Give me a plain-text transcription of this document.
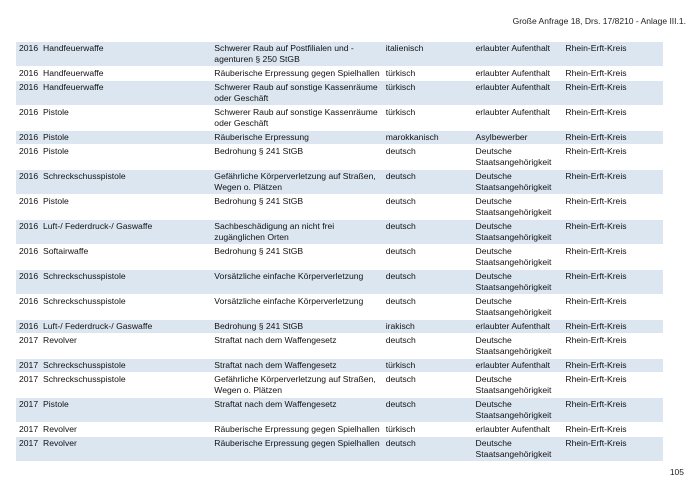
Große Anfrage 18, Drs. 17/8210 - Anlage III.1.
2016 Handfeuerwaffe	Schwerer Raub auf Postfilialen und -agenturen § 250 StGB	italienisch	erlaubter Aufenthalt	Rhein-Erft-Kreis
2016 Handfeuerwaffe	Räuberische Erpressung gegen Spielhallen	türkisch	erlaubter Aufenthalt	Rhein-Erft-Kreis
2016 Handfeuerwaffe	Schwerer Raub auf sonstige Kassenräume oder Geschäft	türkisch	erlaubter Aufenthalt	Rhein-Erft-Kreis
2016 Pistole	Schwerer Raub auf sonstige Kassenräume oder Geschäft	türkisch	erlaubter Aufenthalt	Rhein-Erft-Kreis
2016 Pistole	Räuberische Erpressung	marokkanisch	Asylbewerber	Rhein-Erft-Kreis
2016 Pistole	Bedrohung § 241 StGB	deutsch	Deutsche Staatsangehörigkeit	Rhein-Erft-Kreis
2016 Schreckschusspistole	Gefährliche Körperverletzung auf Straßen, Wegen o. Plätzen	deutsch	Deutsche Staatsangehörigkeit	Rhein-Erft-Kreis
2016 Pistole	Bedrohung § 241 StGB	deutsch	Deutsche Staatsangehörigkeit	Rhein-Erft-Kreis
2016 Luft-/ Federdruck-/ Gaswaffe	Sachbeschädigung an nicht frei zugänglichen Orten	deutsch	Deutsche Staatsangehörigkeit	Rhein-Erft-Kreis
2016 Softairwaffe	Bedrohung § 241 StGB	deutsch	Deutsche Staatsangehörigkeit	Rhein-Erft-Kreis
2016 Schreckschusspistole	Vorsätzliche einfache Körperverletzung	deutsch	Deutsche Staatsangehörigkeit	Rhein-Erft-Kreis
2016 Schreckschusspistole	Vorsätzliche einfache Körperverletzung	deutsch	Deutsche Staatsangehörigkeit	Rhein-Erft-Kreis
2016 Luft-/ Federdruck-/ Gaswaffe	Bedrohung § 241 StGB	irakisch	erlaubter Aufenthalt	Rhein-Erft-Kreis
2017 Revolver	Straftat nach dem Waffengesetz	deutsch	Deutsche Staatsangehörigkeit	Rhein-Erft-Kreis
2017 Schreckschusspistole	Straftat nach dem Waffengesetz	türkisch	erlaubter Aufenthalt	Rhein-Erft-Kreis
2017 Schreckschusspistole	Gefährliche Körperverletzung auf Straßen, Wegen o. Plätzen	deutsch	Deutsche Staatsangehörigkeit	Rhein-Erft-Kreis
2017 Pistole	Straftat nach dem Waffengesetz	deutsch	Deutsche Staatsangehörigkeit	Rhein-Erft-Kreis
2017 Revolver	Räuberische Erpressung gegen Spielhallen	türkisch	erlaubter Aufenthalt	Rhein-Erft-Kreis
2017 Revolver	Räuberische Erpressung gegen Spielhallen	deutsch	Deutsche Staatsangehörigkeit	Rhein-Erft-Kreis
105
